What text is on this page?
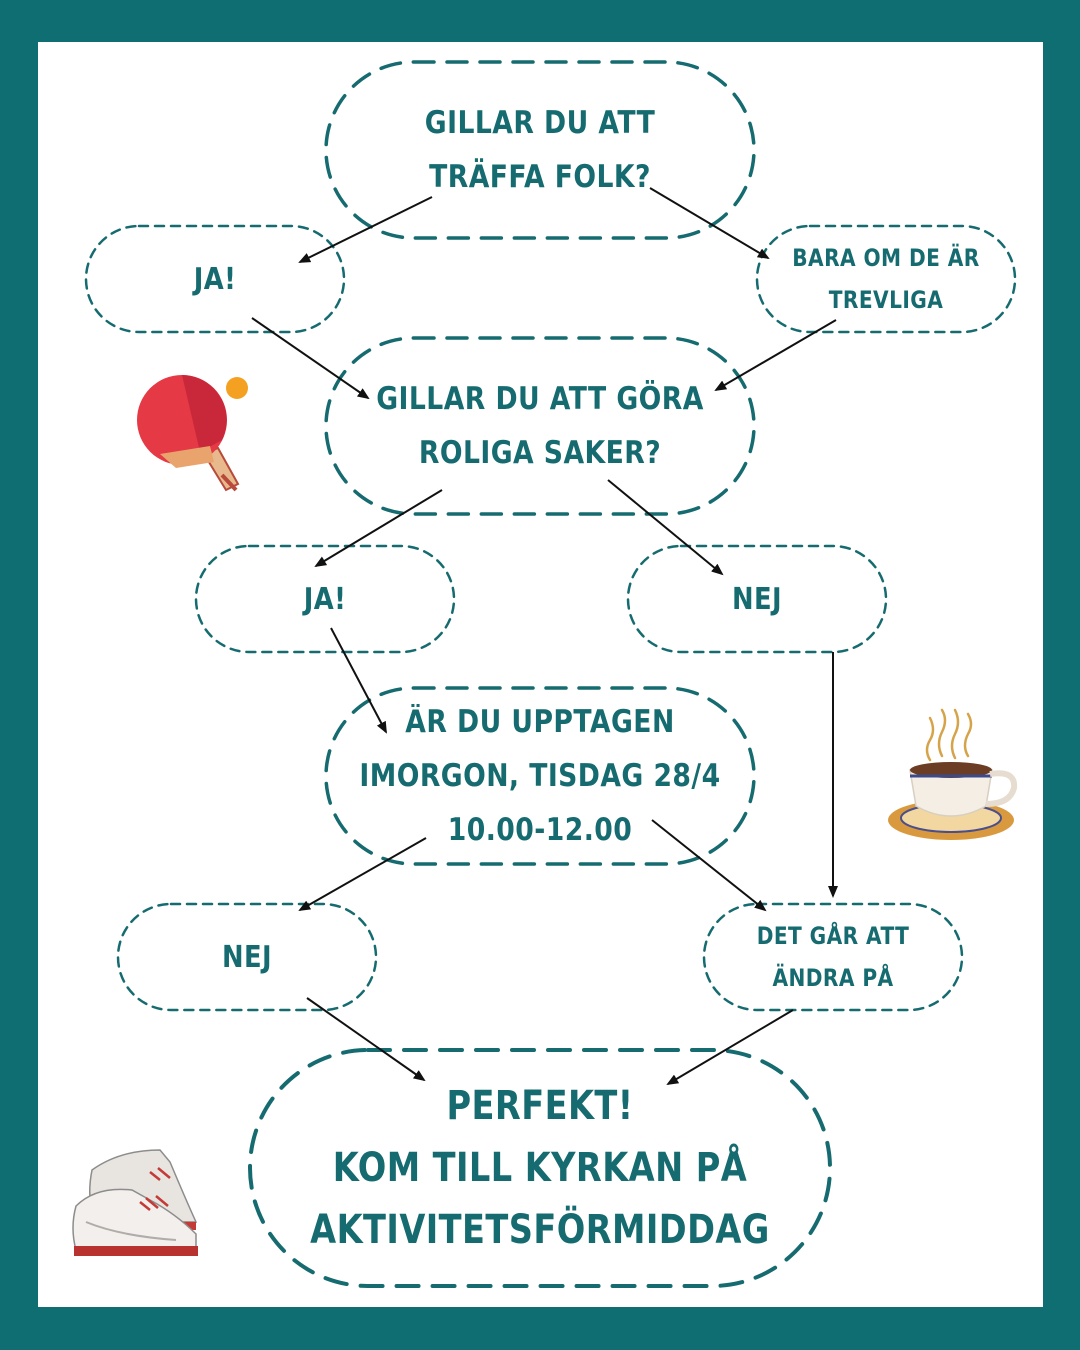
GILLAR DU ATT
TRÄFFA FOLK?
JA!
BARA OM DE ÄR
TREVLIGA
GILLAR DU ATT GÖRA
ROLIGA SAKER?
JA!	NEJ
ÄR DU UPPTAGEN
IMORGON, TISDAG 28/4
10.00-12.00
NEJ
DET GÅR ATT
ÄNDRA PÅ
PERFEKT!
KOM TILL KYRKAN PÅ
AKTIVITETSFÖRMIDDAG
